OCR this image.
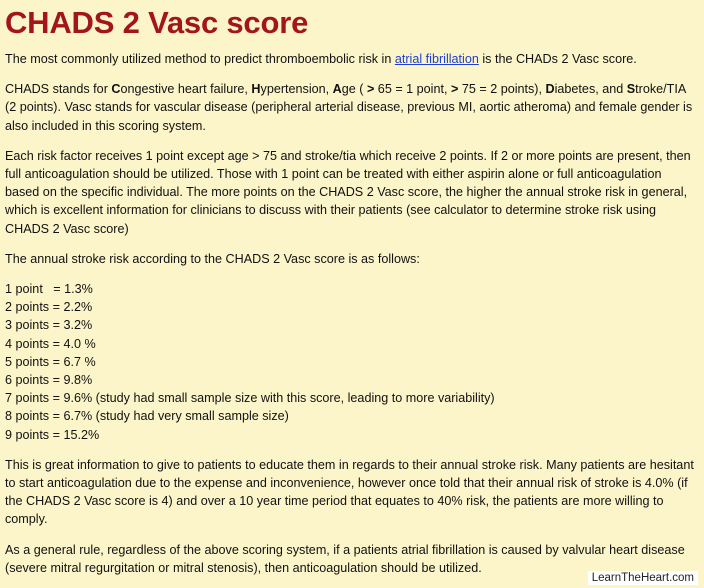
CHADS 2 Vasc score

The most commonly utilized method to predict thromboembolic risk in atrial fibrillation is the CHADs 2 Vasc score.

CHADS stands for Congestive heart failure, Hypertension, Age ( > 65 = 1 point, > 75 = 2 points), Diabetes, and Stroke/TIA (2 points). Vasc stands for vascular disease (peripheral arterial disease, previous MI, aortic atheroma) and female gender is also included in this scoring system.

Each risk factor receives 1 point except age > 75 and stroke/tia which receive 2 points. If 2 or more points are present, then full anticoagulation should be utilized. Those with 1 point can be treated with either aspirin alone or full anticoagulation based on the specific individual. The more points on the CHADS 2 Vasc score, the higher the annual stroke risk in general, which is excellent information for clinicians to discuss with their patients (see calculator to determine stroke risk using CHADS 2 Vasc score)

The annual stroke risk according to the CHADS 2 Vasc score is as follows:

1 point   = 1.3%
2 points = 2.2%
3 points = 3.2%
4 points = 4.0 %
5 points = 6.7 %
6 points = 9.8%
7 points = 9.6% (study had small sample size with this score, leading to more variability)
8 points = 6.7% (study had very small sample size)
9 points = 15.2%

This is great information to give to patients to educate them in regards to their annual stroke risk. Many patients are hesitant to start anticoagulation due to the expense and inconvenience, however once told that their annual risk of stroke is 4.0% (if the CHADS 2 Vasc score is 4) and over a 10 year time period that equates to 40% risk, the patients are more willing to comply.

As a general rule, regardless of the above scoring system, if a patients atrial fibrillation is caused by valvular heart disease (severe mitral regurgitation or mitral stenosis), then anticoagulation should be utilized.

LearnTheHeart.com
